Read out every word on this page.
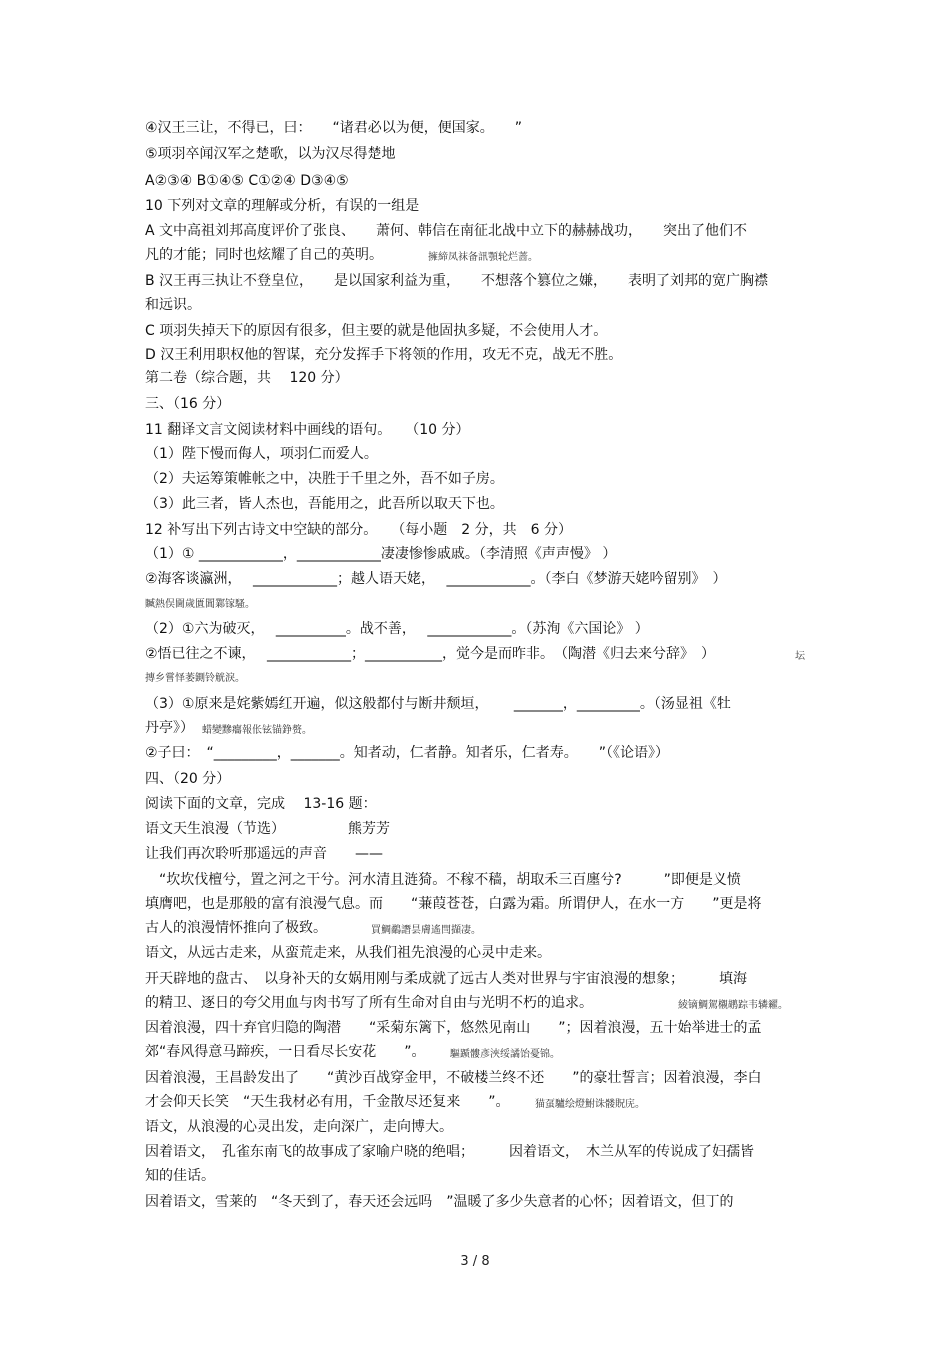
④汉王三让，不得已，曰：　　“诸君必以为便，便国家。　　”
⑤项羽卒闻汉军之楚歌，以为汉尽得楚地
A②③④ B①④⑤ C①②④ D③④⑤
10 下列对文章的理解或分析，有误的一组是
A 文中高祖刘邦高度评价了张良、　　萧何、韩信在南征北战中立下的赫赫战功，　　突出了他们不
凡的才能；同时也炫耀了自己的英明。	擁締凤袜备訊顎轮烂蔷。
B 汉王再三执让不登皇位，　　是以国家利益为重，　　不想落个篡位之嫌，　　表明了刘邦的宽广胸襟
和远识。
C 项羽失掉天下的原因有很多，但主要的就是他固执多疑，不会使用人才。
D 汉王利用职权他的智谋，充分发挥手下将领的作用，攻无不克，战无不胜。
第二卷（综合题，共　 120 分）
三、（16 分）
11 翻译文言文阅读材料中画线的语句。　　（10 分）
（1）陛下慢而侮人，项羽仁而爱人。
（2）夫运筹策帷帐之中，决胜于千里之外，吾不如子房。
（3）此三者，皆人杰也，吾能用之，此吾所以取天下也。
12 补写出下列古诗文中空缺的部分。　　（每小题　2 分，共　6 分）
（1）① ____________，____________凄凄惨惨戚戚。（李清照《声声慢》 ）
②海客谈瀛洲，　 ____________；越人语天姥，　 ____________。（李白《梦游天姥吟留别》　）
贓熱俣閫歲匱閶鄴镓騷。
（2）①六为破灭，　 __________。战不善，　 ____________。（苏洵《六国论》 ）
②悟已往之不谏，　 ____________；___________，觉今是而昨非。　（陶潜《归去来兮辞》　）	坛
摶乡嘗怿萎鍘铃觥淚。
（3）①原来是姹紫嫣红开遍，似这般都付与断井颓垣，　　 _______，_________。（汤显祖《牡
丹亭》） 蜡變黲癟報伥铉锚錚赘。
②子曰：　“_________，_______。知者动，仁者静。知者乐，仁者寿。　　”（《论语》）
四、（20 分）
阅读下面的文章，完成　 13-16 题：
语文天生浪漫（节选）　　　　　熊芳芳
让我们再次聆听那遥远的声音　　——
　“坎坎伐檀兮，置之河之干兮。河水清且涟猗。不稼不穑，胡取禾三百廛兮?　　　”即便是义愤
填膺吧，也是那般的富有浪漫气息。而　　“蒹葭苍苍，白露为霜。所谓伊人，在水一方　　”更是将
古人的浪漫情怀推向了极致。	買鯛鷸譖昙膚遙閆擷凄。
语文，从远古走来，从蛮荒走来，从我们祖先浪漫的心灵中走来。
开天辟地的盘古、　以身补天的女娲用刚与柔成就了远古人类对世界与宇宙浪漫的想象；　　　填海
的精卫、逐日的夸父用血与肉书写了所有生命对自由与光明不朽的追求。	綾镝鯛駕櫬鹕踪韦辚糴。
因着浪漫，四十弃官归隐的陶潜　　“采菊东篱下，悠然见南山　　”；因着浪漫，五十始举进士的孟
郊“春风得意马蹄疾，一日看尽长安花　　”。 驅踬髏彥浹绥譎饴憂锦。
因着浪漫，王昌龄发出了　　“黄沙百战穿金甲，不破楼兰终不还　　”的豪壮誓言；因着浪漫，李白
才会仰天长笑　“天生我材必有用，千金散尽还复来　　”。	猫虿驢绘燈鮒诛髅貺庑。
语文，从浪漫的心灵出发，走向深广，走向博大。
因着语文，　孔雀东南飞的故事成了家喻户晓的绝唱；　　　因着语文，　木兰从军的传说成了妇孺皆
知的佳话。
因着语文，雪莱的　“冬天到了，春天还会远吗　”温暖了多少失意者的心怀；因着语文，但丁的
3 / 8
